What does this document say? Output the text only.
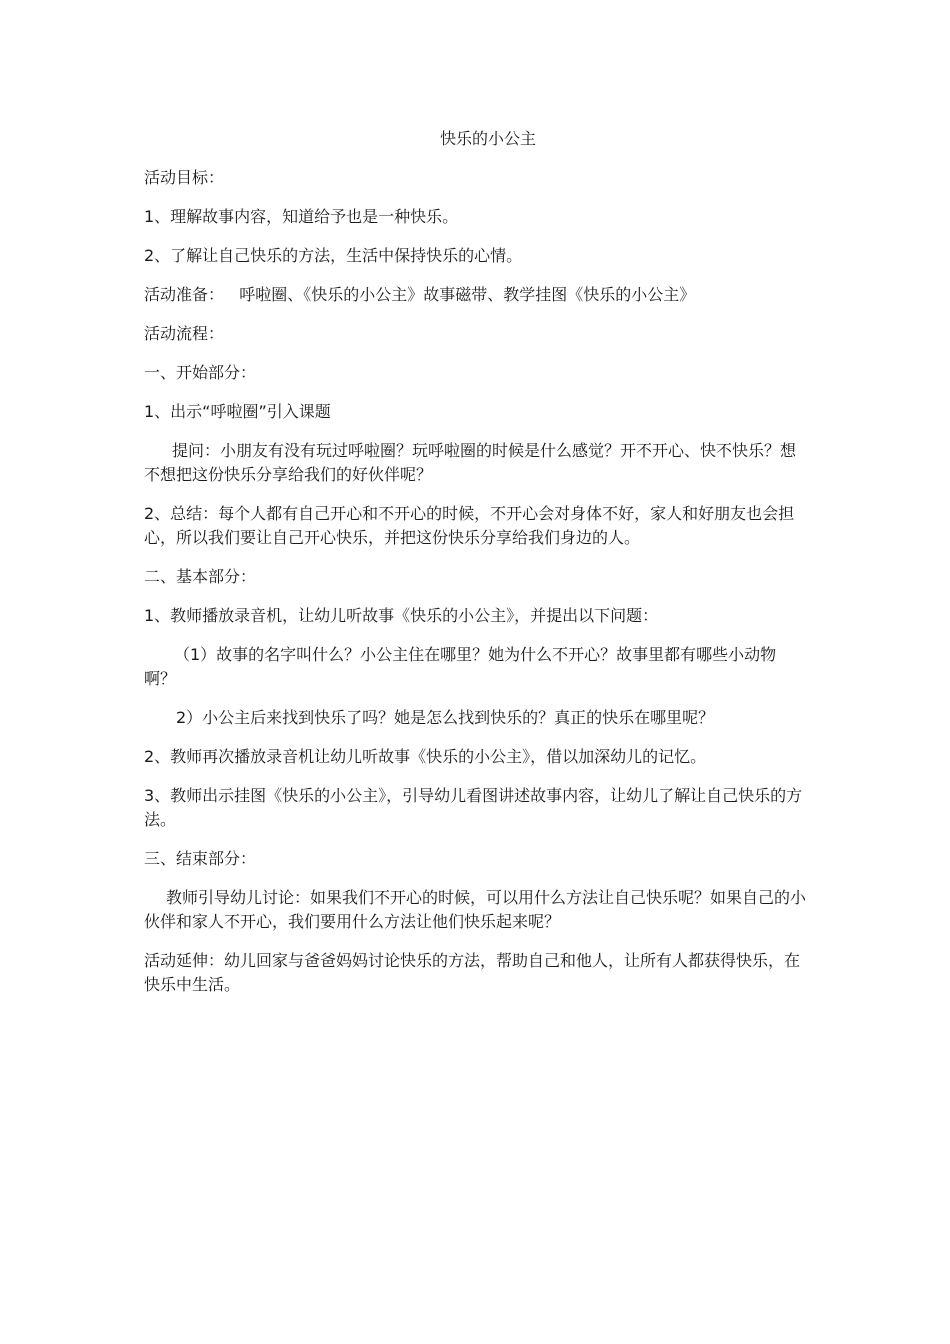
快乐的小公主

活动目标：

1、理解故事内容，知道给予也是一种快乐。

2、了解让自己快乐的方法，生活中保持快乐的心情。

活动准备：   呼啦圈、《快乐的小公主》故事磁带、教学挂图《快乐的小公主》

活动流程：

一、开始部分：

1、出示“呼啦圈”引入课题

提问：小朋友有没有玩过呼啦圈？玩呼啦圈的时候是什么感觉？开不开心、快不快乐？想不想把这份快乐分享给我们的好伙伴呢？

2、总结：每个人都有自己开心和不开心的时候，不开心会对身体不好，家人和好朋友也会担心，所以我们要让自己开心快乐，并把这份快乐分享给我们身边的人。

二、基本部分：

1、教师播放录音机，让幼儿听故事《快乐的小公主》，并提出以下问题：

（1）故事的名字叫什么？小公主住在哪里？她为什么不开心？故事里都有哪些小动物啊？

2）小公主后来找到快乐了吗？她是怎么找到快乐的？真正的快乐在哪里呢？

2、教师再次播放录音机让幼儿听故事《快乐的小公主》，借以加深幼儿的记忆。

3、教师出示挂图《快乐的小公主》，引导幼儿看图讲述故事内容，让幼儿了解让自己快乐的方法。

三、结束部分：

教师引导幼儿讨论：如果我们不开心的时候，可以用什么方法让自己快乐呢？如果自己的小伙伴和家人不开心，我们要用什么方法让他们快乐起来呢？

活动延伸：幼儿回家与爸爸妈妈讨论快乐的方法，帮助自己和他人，让所有人都获得快乐，在快乐中生活。
